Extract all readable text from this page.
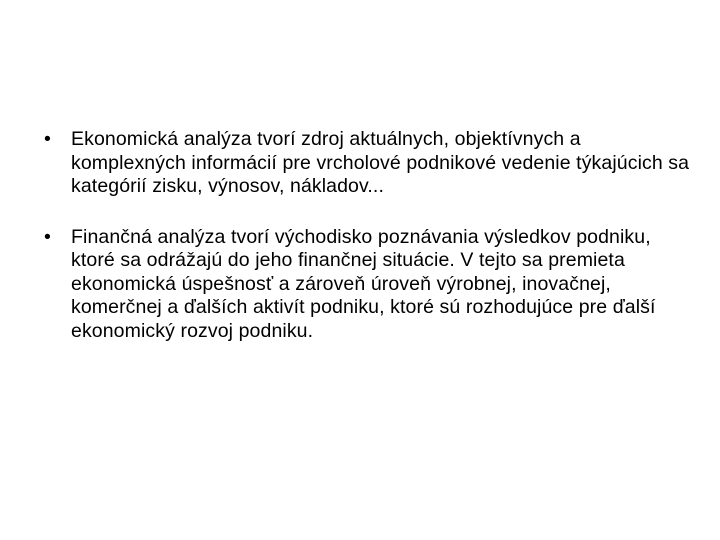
•	Ekonomická analýza tvorí zdroj aktuálnych, objektívnych a komplexných informácií pre vrcholové podnikové vedenie týkajúcich sa kategórií zisku, výnosov, nákladov...
•	Finančná analýza tvorí východisko poznávania výsledkov podniku, ktoré sa odrážajú do jeho finančnej situácie. V tejto sa premieta ekonomická úspešnosť a zároveň úroveň výrobnej, inovačnej, komerčnej a ďalších aktivít podniku, ktoré sú rozhodujúce pre ďalší ekonomický rozvoj podniku.
